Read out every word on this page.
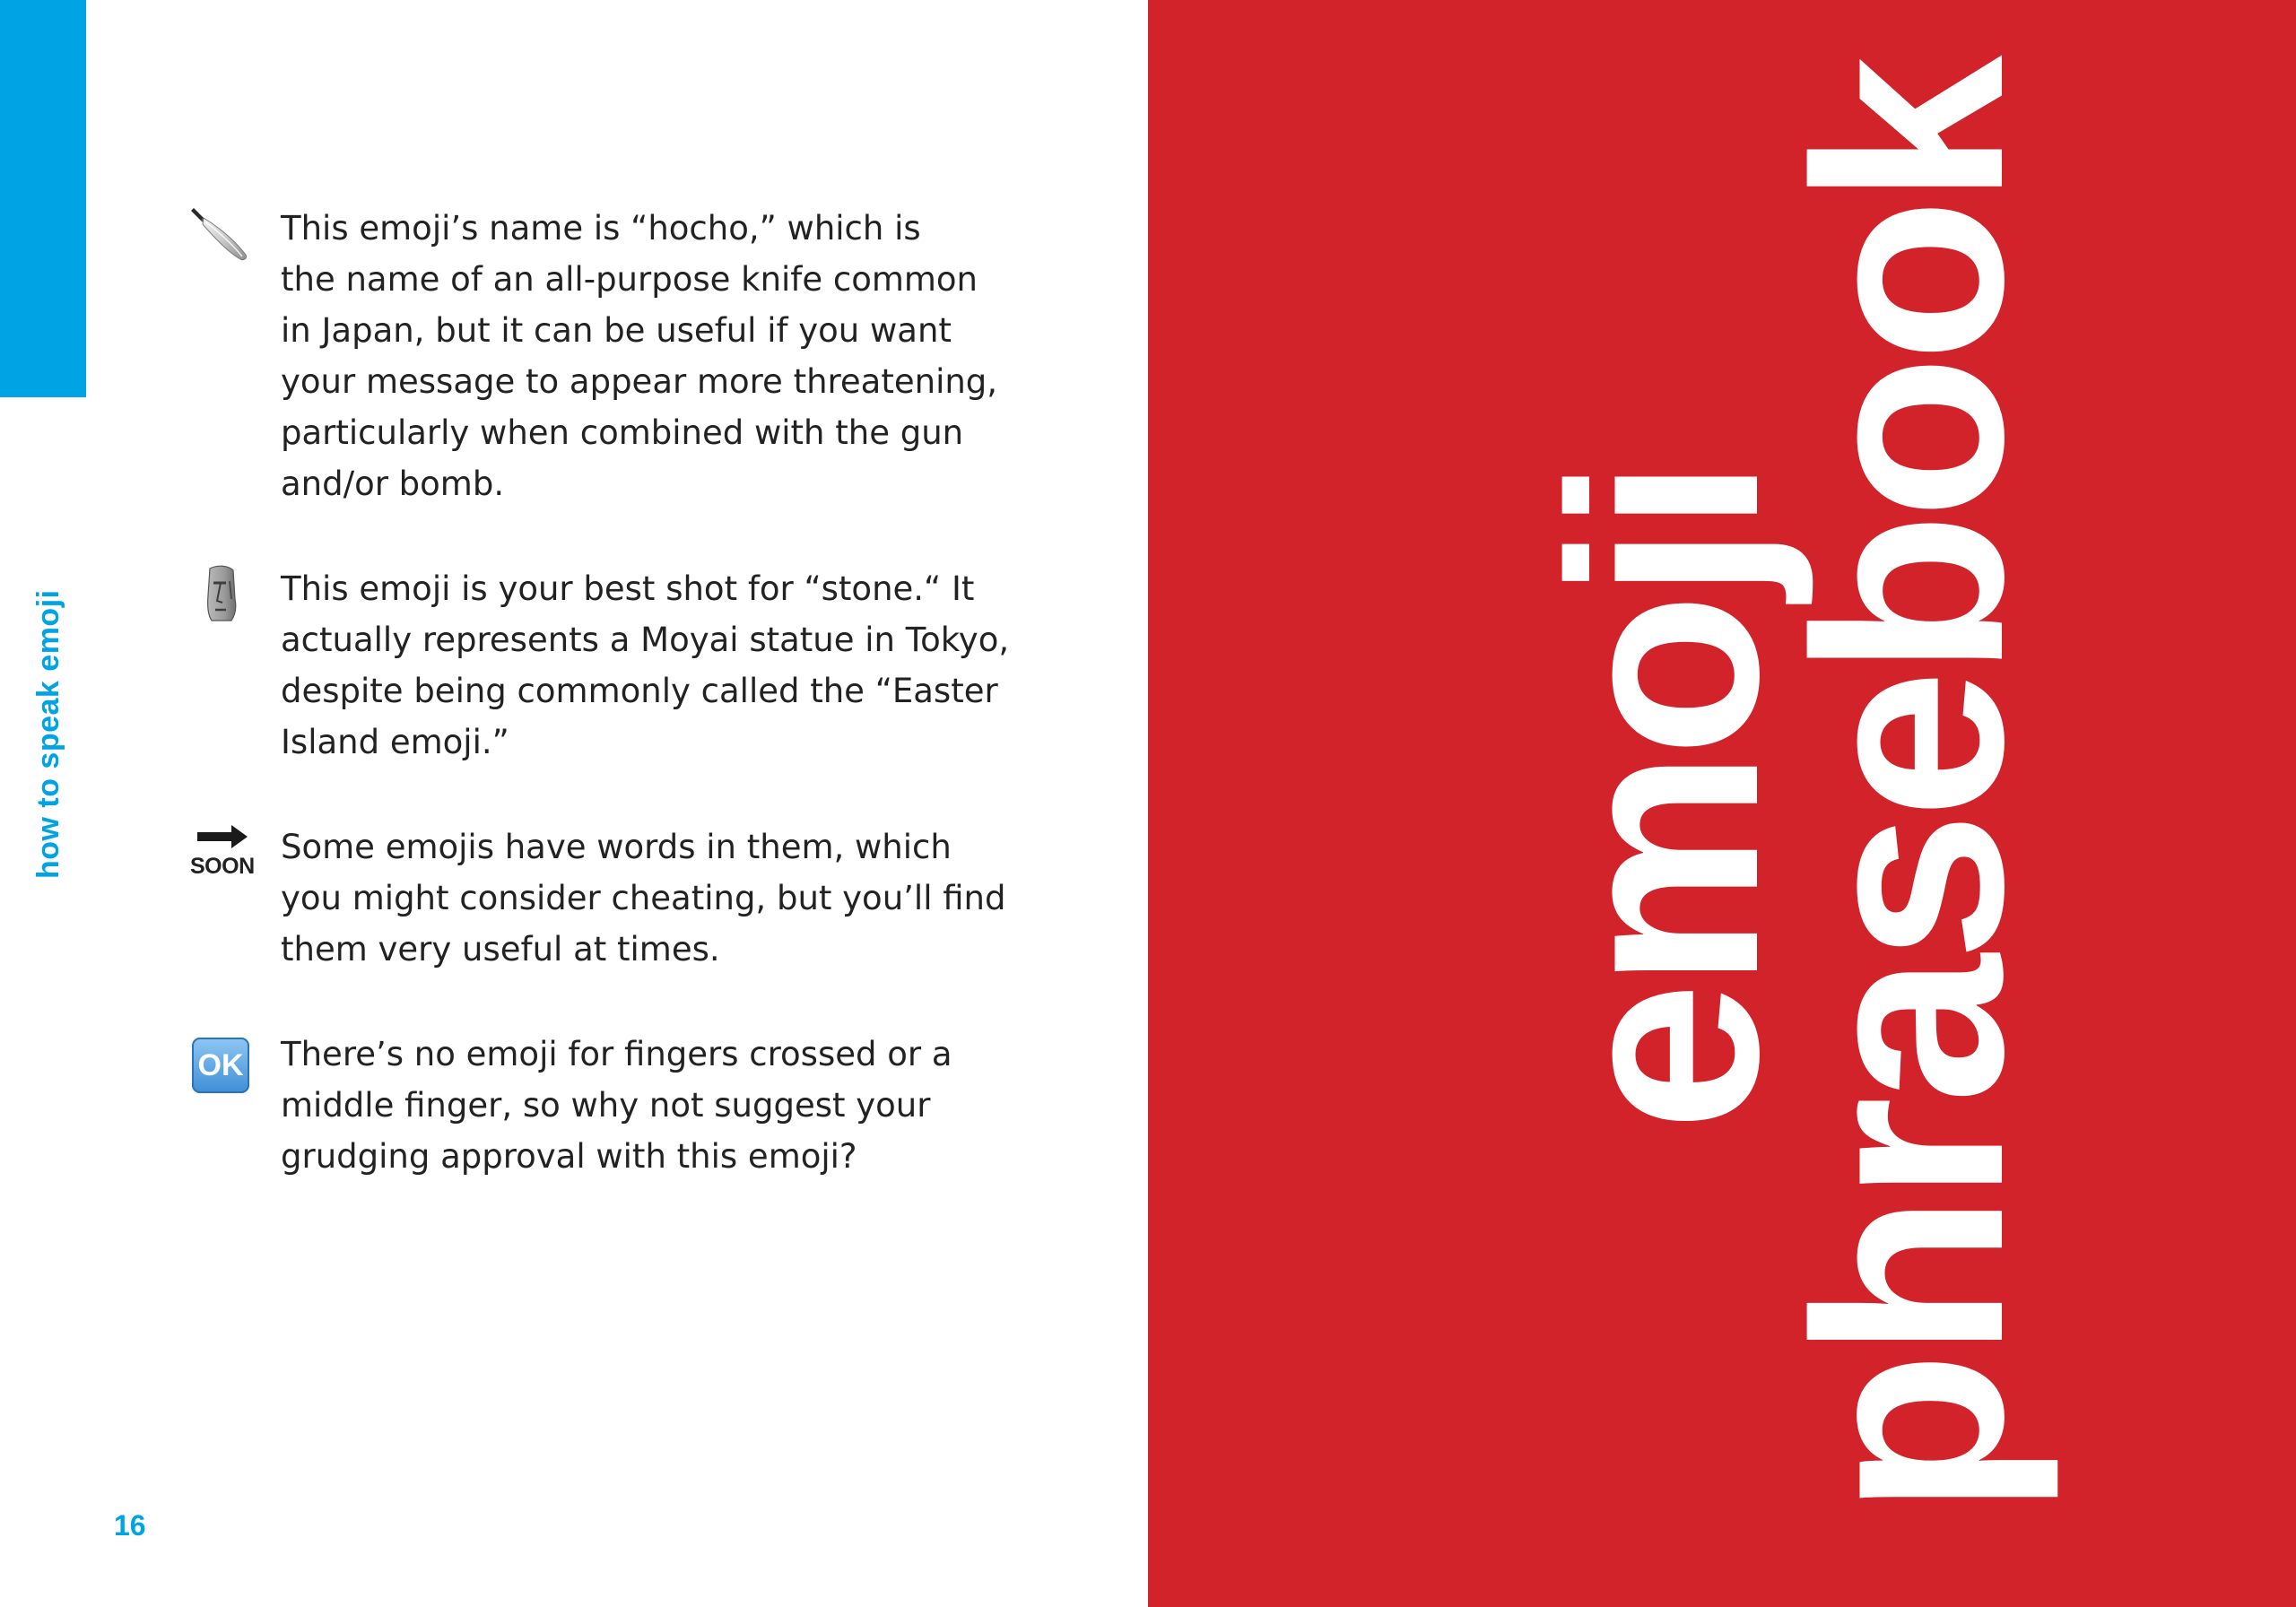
how to speak emoji dictionary

This emoji’s name is “hocho,” which is
the name of an all-purpose knife common
in Japan, but it can be useful if you want
your message to appear more threatening,
particularly when combined with the gun
and/or bomb.

This emoji is your best shot for “stone.“ It
actually represents a Moyai statue in Tokyo,
despite being commonly called the “Easter
Island emoji.”

SOON Some emojis have words in them, which
you might consider cheating, but you’ll find
them very useful at times.

OK There’s no emoji for fingers crossed or a
middle finger, so why not suggest your
grudging approval with this emoji?

16
emoji
phrasebook
